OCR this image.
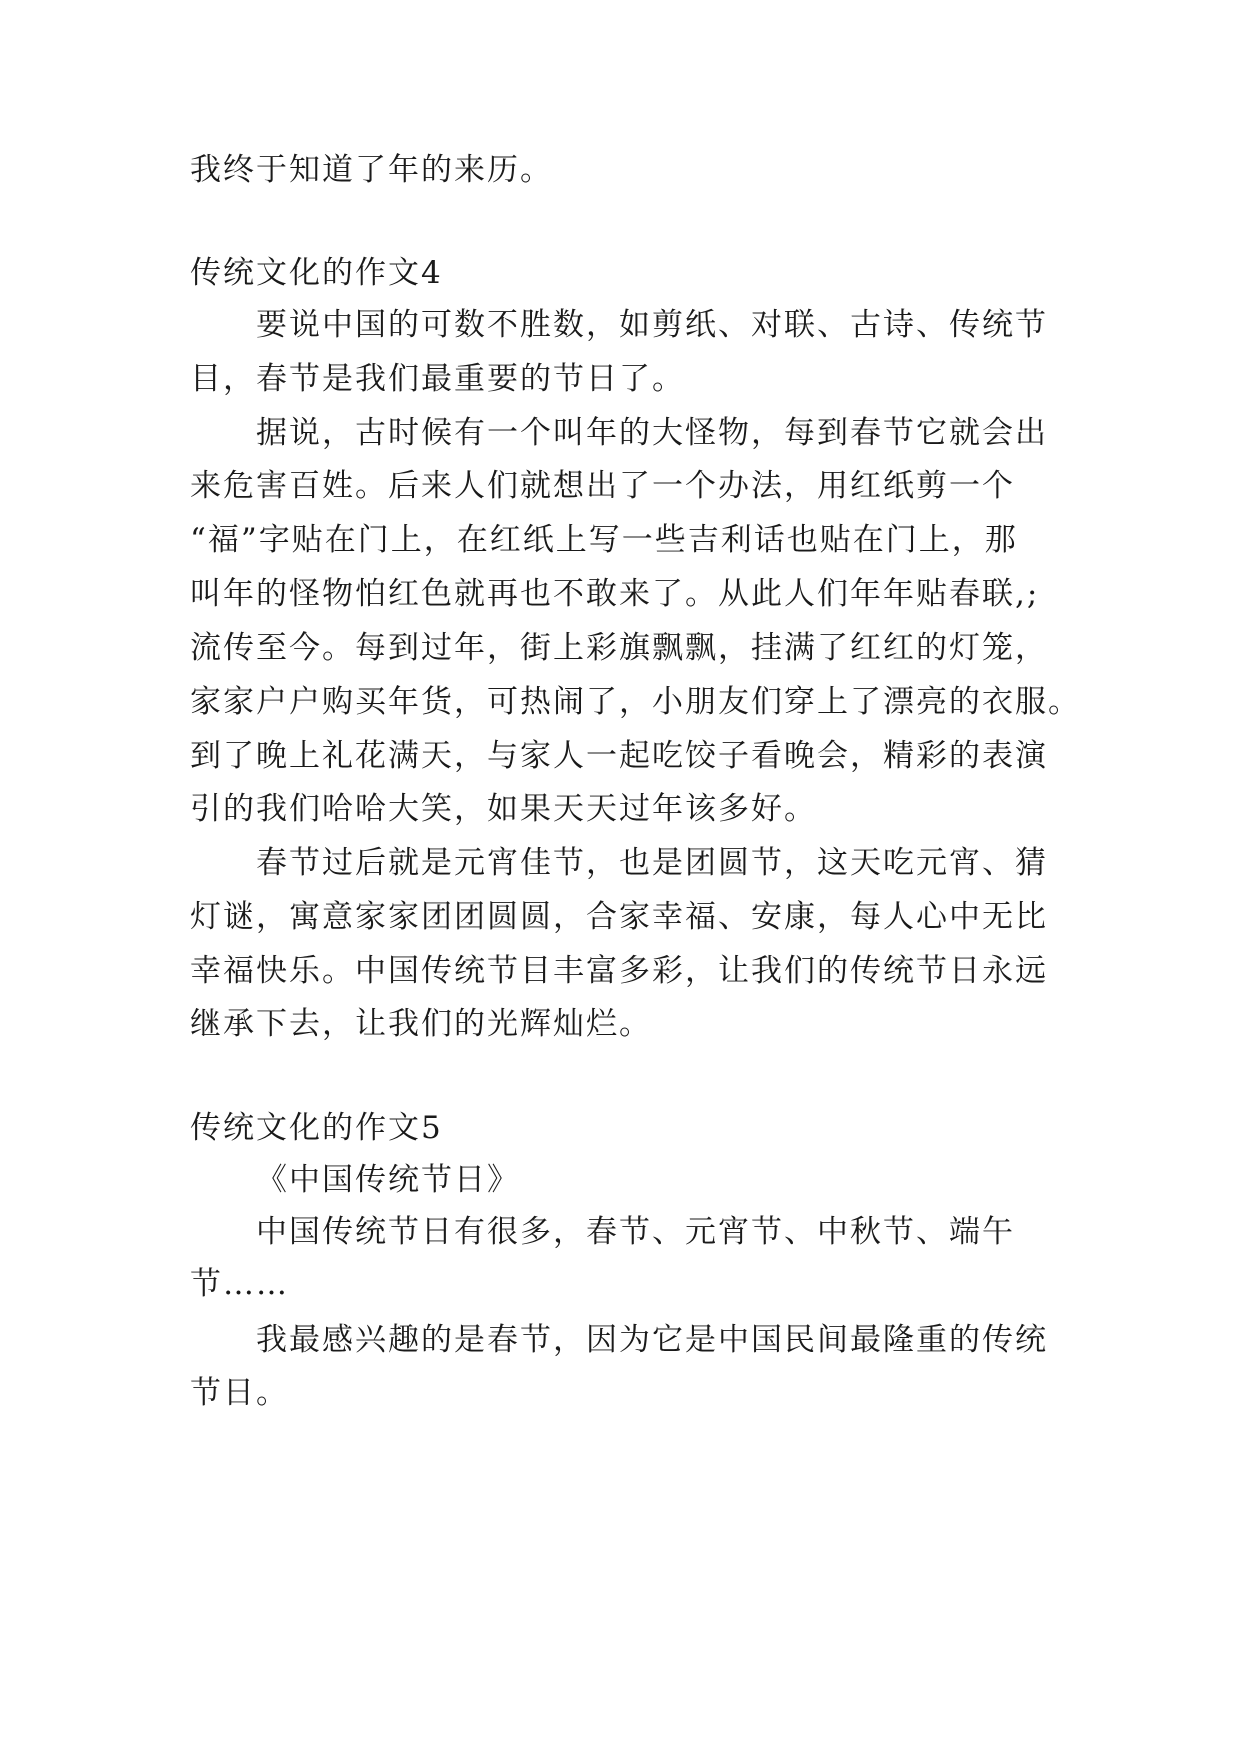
我终于知道了年的来历。
传统文化的作文4
要说中国的可数不胜数，如剪纸、对联、古诗、传统节
目，春节是我们最重要的节日了。
据说，古时候有一个叫年的大怪物，每到春节它就会出
来危害百姓。后来人们就想出了一个办法，用红纸剪一个
“福”字贴在门上，在红纸上写一些吉利话也贴在门上，那
叫年的怪物怕红色就再也不敢来了。从此人们年年贴春联,;
流传至今。每到过年，街上彩旗飘飘，挂满了红红的灯笼，
家家户户购买年货，可热闹了，小朋友们穿上了漂亮的衣服。
到了晚上礼花满天，与家人一起吃饺子看晚会，精彩的表演
引的我们哈哈大笑，如果天天过年该多好。
春节过后就是元宵佳节，也是团圆节，这天吃元宵、猜
灯谜，寓意家家团团圆圆，合家幸福、安康，每人心中无比
幸福快乐。中国传统节目丰富多彩，让我们的传统节日永远
继承下去，让我们的光辉灿烂。
传统文化的作文5
《中国传统节日》
中国传统节日有很多，春节、元宵节、中秋节、端午
节……
我最感兴趣的是春节，因为它是中国民间最隆重的传统
节日。
